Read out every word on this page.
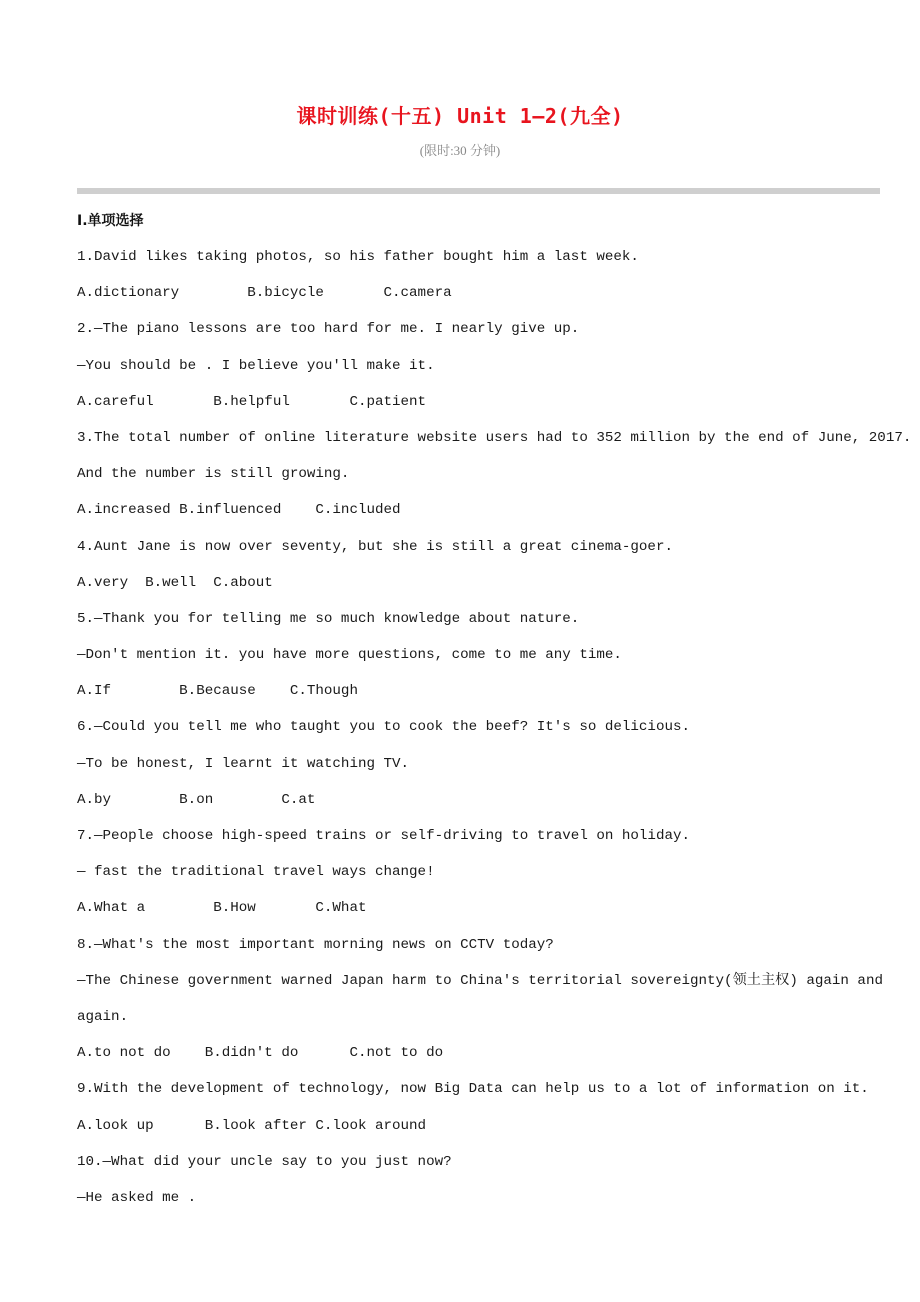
课时训练(十五) Unit 1—2(九全)
(限时:30 分钟)
Ⅰ.单项选择
1.David likes taking photos, so his father bought him a last week.
A.dictionary        B.bicycle       C.camera
2.—The piano lessons are too hard for me. I nearly give up.
—You should be . I believe you'll make it.
A.careful       B.helpful       C.patient
3.The total number of online literature website users had to 352 million by the end of June, 2017.
And the number is still growing.
A.increased B.influenced    C.included
4.Aunt Jane is now over seventy, but she is still a great cinema-goer.
A.very  B.well  C.about
5.—Thank you for telling me so much knowledge about nature.
—Don't mention it. you have more questions, come to me any time.
A.If        B.Because    C.Though
6.—Could you tell me who taught you to cook the beef? It's so delicious.
—To be honest, I learnt it watching TV.
A.by        B.on        C.at
7.—People choose high-speed trains or self-driving to travel on holiday.
— fast the traditional travel ways change!
A.What a        B.How       C.What
8.—What's the most important morning news on CCTV today?
—The Chinese government warned Japan harm to China's territorial sovereignty(领土主权) again and
again.
A.to not do    B.didn't do      C.not to do
9.With the development of technology, now Big Data can help us to a lot of information on it.
A.look up      B.look after C.look around
10.—What did your uncle say to you just now?
—He asked me .
